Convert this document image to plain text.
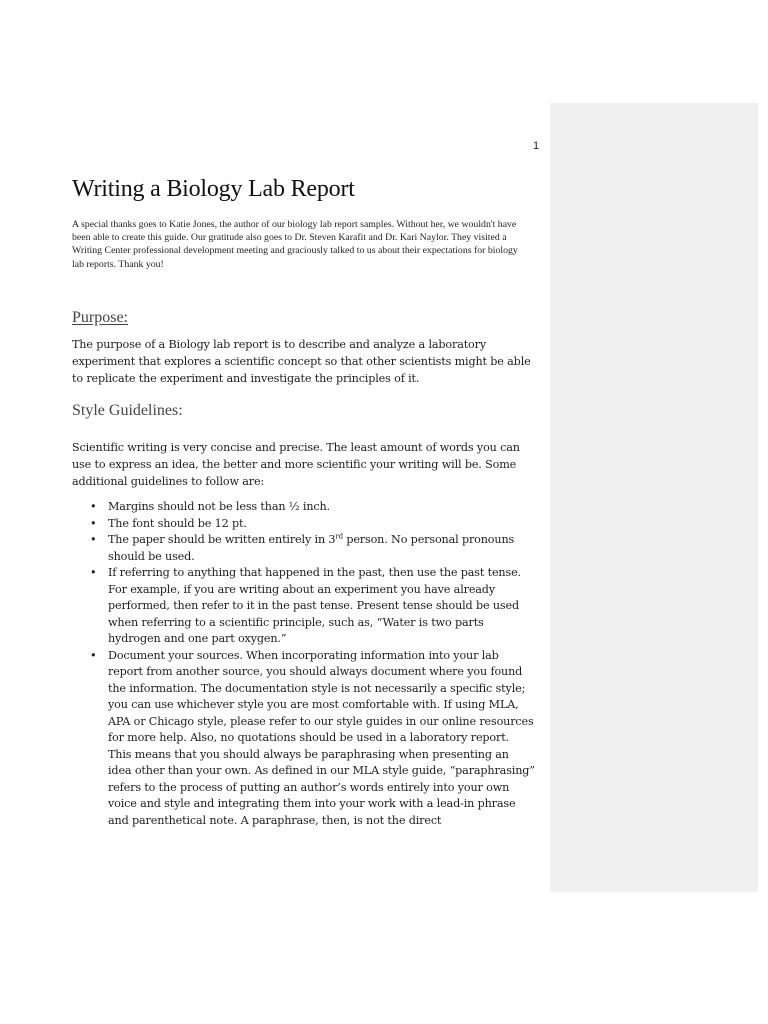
1
Writing a Biology Lab Report

A special thanks goes to Katie Jones, the author of our biology lab report samples. Without her, we wouldn't have been able to create this guide. Our gratitude also goes to Dr. Steven Karafit and Dr. Kari Naylor. They visited a Writing Center professional development meeting and graciously talked to us about their expectations for biology lab reports. Thank you!

Purpose:

The purpose of a Biology lab report is to describe and analyze a laboratory experiment that explores a scientific concept so that other scientists might be able to replicate the experiment and investigate the principles of it.

Style Guidelines:

Scientific writing is very concise and precise. The least amount of words you can use to express an idea, the better and more scientific your writing will be. Some additional guidelines to follow are:

• Margins should not be less than ½ inch.
• The font should be 12 pt.
• The paper should be written entirely in 3rd person. No personal pronouns should be used.
• If referring to anything that happened in the past, then use the past tense. For example, if you are writing about an experiment you have already performed, then refer to it in the past tense. Present tense should be used when referring to a scientific principle, such as, “Water is two parts hydrogen and one part oxygen.”
• Document your sources. When incorporating information into your lab report from another source, you should always document where you found the information. The documentation style is not necessarily a specific style; you can use whichever style you are most comfortable with. If using MLA, APA or Chicago style, please refer to our style guides in our online resources for more help. Also, no quotations should be used in a laboratory report. This means that you should always be paraphrasing when presenting an idea other than your own. As defined in our MLA style guide, “paraphrasing” refers to the process of putting an author’s words entirely into your own voice and style and integrating them into your work with a lead-in phrase and parenthetical note. A paraphrase, then, is not the direct
